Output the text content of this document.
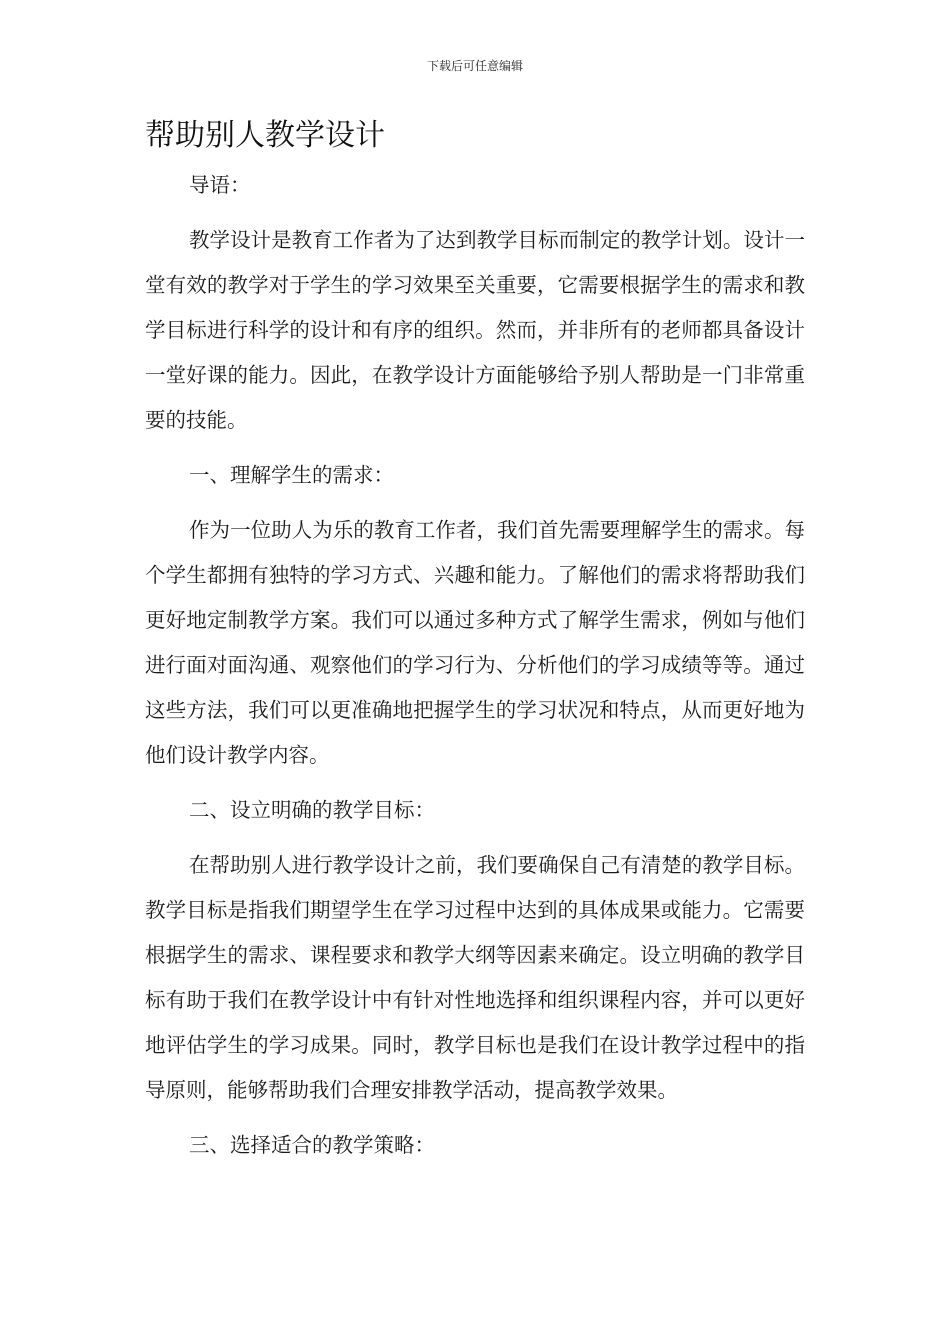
下载后可任意编辑
帮助别人教学设计

导语：

教学设计是教育工作者为了达到教学目标而制定的教学计划。设计一堂有效的教学对于学生的学习效果至关重要，它需要根据学生的需求和教学目标进行科学的设计和有序的组织。然而，并非所有的老师都具备设计一堂好课的能力。因此，在教学设计方面能够给予别人帮助是一门非常重要的技能。

一、理解学生的需求：

作为一位助人为乐的教育工作者，我们首先需要理解学生的需求。每个学生都拥有独特的学习方式、兴趣和能力。了解他们的需求将帮助我们更好地定制教学方案。我们可以通过多种方式了解学生需求，例如与他们进行面对面沟通、观察他们的学习行为、分析他们的学习成绩等等。通过这些方法，我们可以更准确地把握学生的学习状况和特点，从而更好地为他们设计教学内容。

二、设立明确的教学目标：

在帮助别人进行教学设计之前，我们要确保自己有清楚的教学目标。教学目标是指我们期望学生在学习过程中达到的具体成果或能力。它需要根据学生的需求、课程要求和教学大纲等因素来确定。设立明确的教学目标有助于我们在教学设计中有针对性地选择和组织课程内容，并可以更好地评估学生的学习成果。同时，教学目标也是我们在设计教学过程中的指导原则，能够帮助我们合理安排教学活动，提高教学效果。

三、选择适合的教学策略：
